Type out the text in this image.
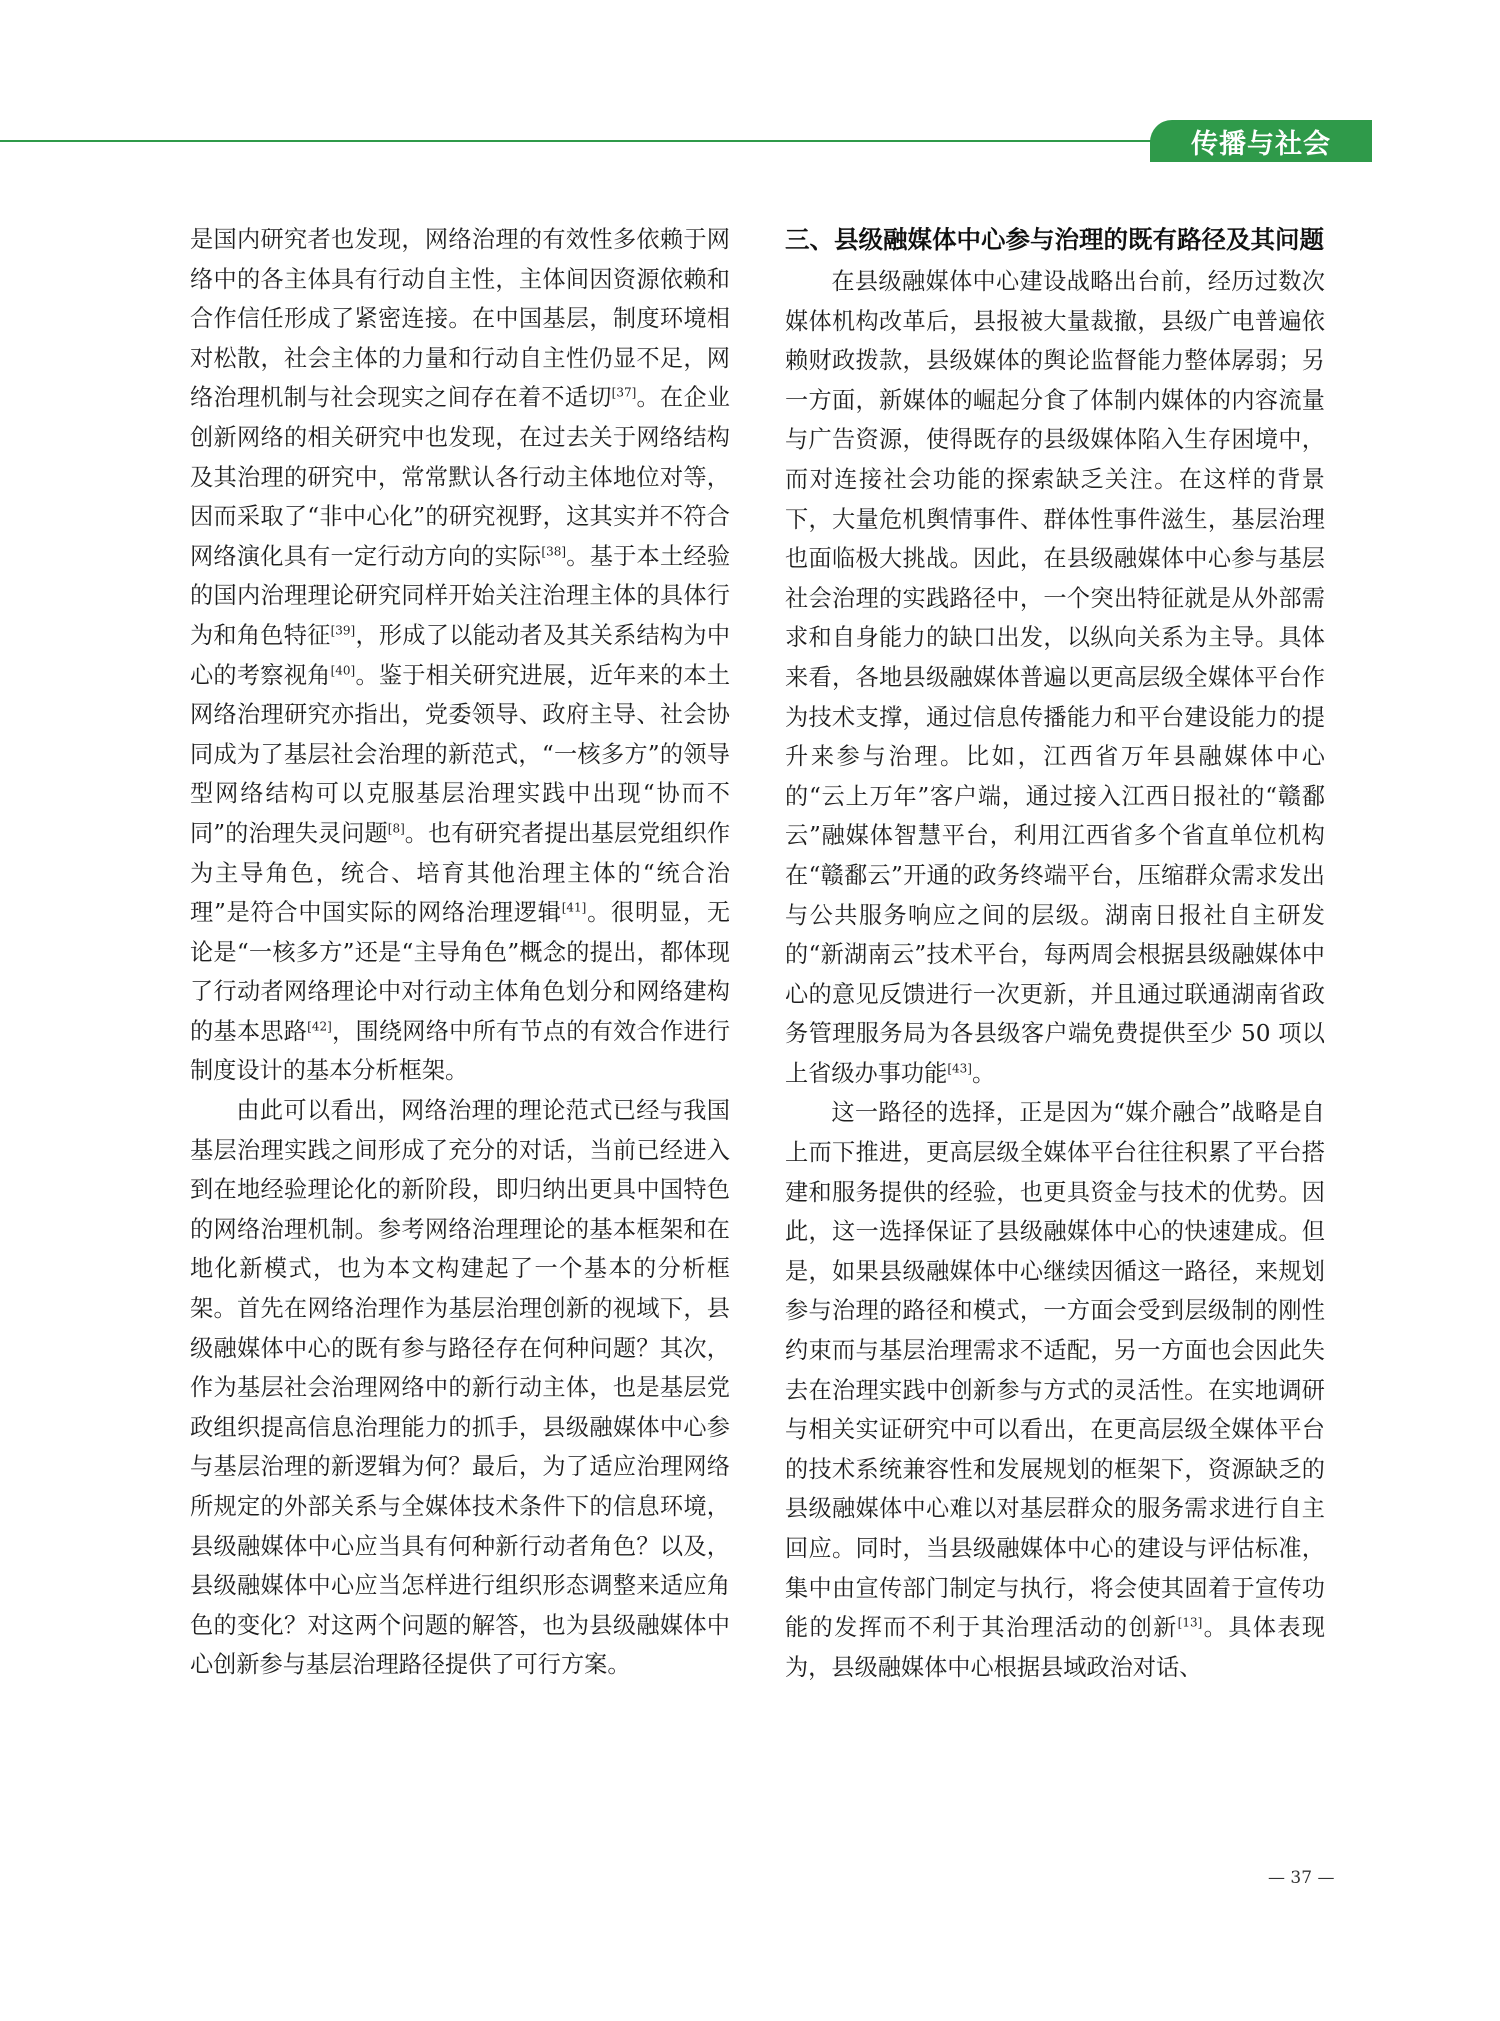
传播与社会

是国内研究者也发现，网络治理的有效性多依赖于网络中的各主体具有行动自主性，主体间因资源依赖和合作信任形成了紧密连接。在中国基层，制度环境相对松散，社会主体的力量和行动自主性仍显不足，网络治理机制与社会现实之间存在着不适切[37]。在企业创新网络的相关研究中也发现，在过去关于网络结构及其治理的研究中，常常默认各行动主体地位对等，因而采取了“非中心化”的研究视野，这其实并不符合网络演化具有一定行动方向的实际[38]。基于本土经验的国内治理理论研究同样开始关注治理主体的具体行为和角色特征[39]，形成了以能动者及其关系结构为中心的考察视角[40]。鉴于相关研究进展，近年来的本土网络治理研究亦指出，党委领导、政府主导、社会协同成为了基层社会治理的新范式，“一核多方”的领导型网络结构可以克服基层治理实践中出现“协而不同”的治理失灵问题[8]。也有研究者提出基层党组织作为主导角色，统合、培育其他治理主体的“统合治理”是符合中国实际的网络治理逻辑[41]。很明显，无论是“一核多方”还是“主导角色”概念的提出，都体现了行动者网络理论中对行动主体角色划分和网络建构的基本思路[42]，围绕网络中所有节点的有效合作进行制度设计的基本分析框架。

由此可以看出，网络治理的理论范式已经与我国基层治理实践之间形成了充分的对话，当前已经进入到在地经验理论化的新阶段，即归纳出更具中国特色的网络治理机制。参考网络治理理论的基本框架和在地化新模式，也为本文构建起了一个基本的分析框架。首先在网络治理作为基层治理创新的视域下，县级融媒体中心的既有参与路径存在何种问题？其次，作为基层社会治理网络中的新行动主体，也是基层党政组织提高信息治理能力的抓手，县级融媒体中心参与基层治理的新逻辑为何？最后，为了适应治理网络所规定的外部关系与全媒体技术条件下的信息环境，县级融媒体中心应当具有何种新行动者角色？以及，县级融媒体中心应当怎样进行组织形态调整来适应角色的变化？对这两个问题的解答，也为县级融媒体中心创新参与基层治理路径提供了可行方案。

三、县级融媒体中心参与治理的既有路径及其问题

在县级融媒体中心建设战略出台前，经历过数次媒体机构改革后，县报被大量裁撤，县级广电普遍依赖财政拨款，县级媒体的舆论监督能力整体孱弱；另一方面，新媒体的崛起分食了体制内媒体的内容流量与广告资源，使得既存的县级媒体陷入生存困境中，而对连接社会功能的探索缺乏关注。在这样的背景下，大量危机舆情事件、群体性事件滋生，基层治理也面临极大挑战。因此，在县级融媒体中心参与基层社会治理的实践路径中，一个突出特征就是从外部需求和自身能力的缺口出发，以纵向关系为主导。具体来看，各地县级融媒体普遍以更高层级全媒体平台作为技术支撑，通过信息传播能力和平台建设能力的提升来参与治理。比如，江西省万年县融媒体中心的“云上万年”客户端，通过接入江西日报社的“赣鄱云”融媒体智慧平台，利用江西省多个省直单位机构在“赣鄱云”开通的政务终端平台，压缩群众需求发出与公共服务响应之间的层级。湖南日报社自主研发的“新湖南云”技术平台，每两周会根据县级融媒体中心的意见反馈进行一次更新，并且通过联通湖南省政务管理服务局为各县级客户端免费提供至少 50 项以上省级办事功能[43]。

这一路径的选择，正是因为“媒介融合”战略是自上而下推进，更高层级全媒体平台往往积累了平台搭建和服务提供的经验，也更具资金与技术的优势。因此，这一选择保证了县级融媒体中心的快速建成。但是，如果县级融媒体中心继续因循这一路径，来规划参与治理的路径和模式，一方面会受到层级制的刚性约束而与基层治理需求不适配，另一方面也会因此失去在治理实践中创新参与方式的灵活性。在实地调研与相关实证研究中可以看出，在更高层级全媒体平台的技术系统兼容性和发展规划的框架下，资源缺乏的县级融媒体中心难以对基层群众的服务需求进行自主回应。同时，当县级融媒体中心的建设与评估标准，集中由宣传部门制定与执行，将会使其固着于宣传功能的发挥而不利于其治理活动的创新[13]。具体表现为，县级融媒体中心根据县域政治对话、

— 37 —
